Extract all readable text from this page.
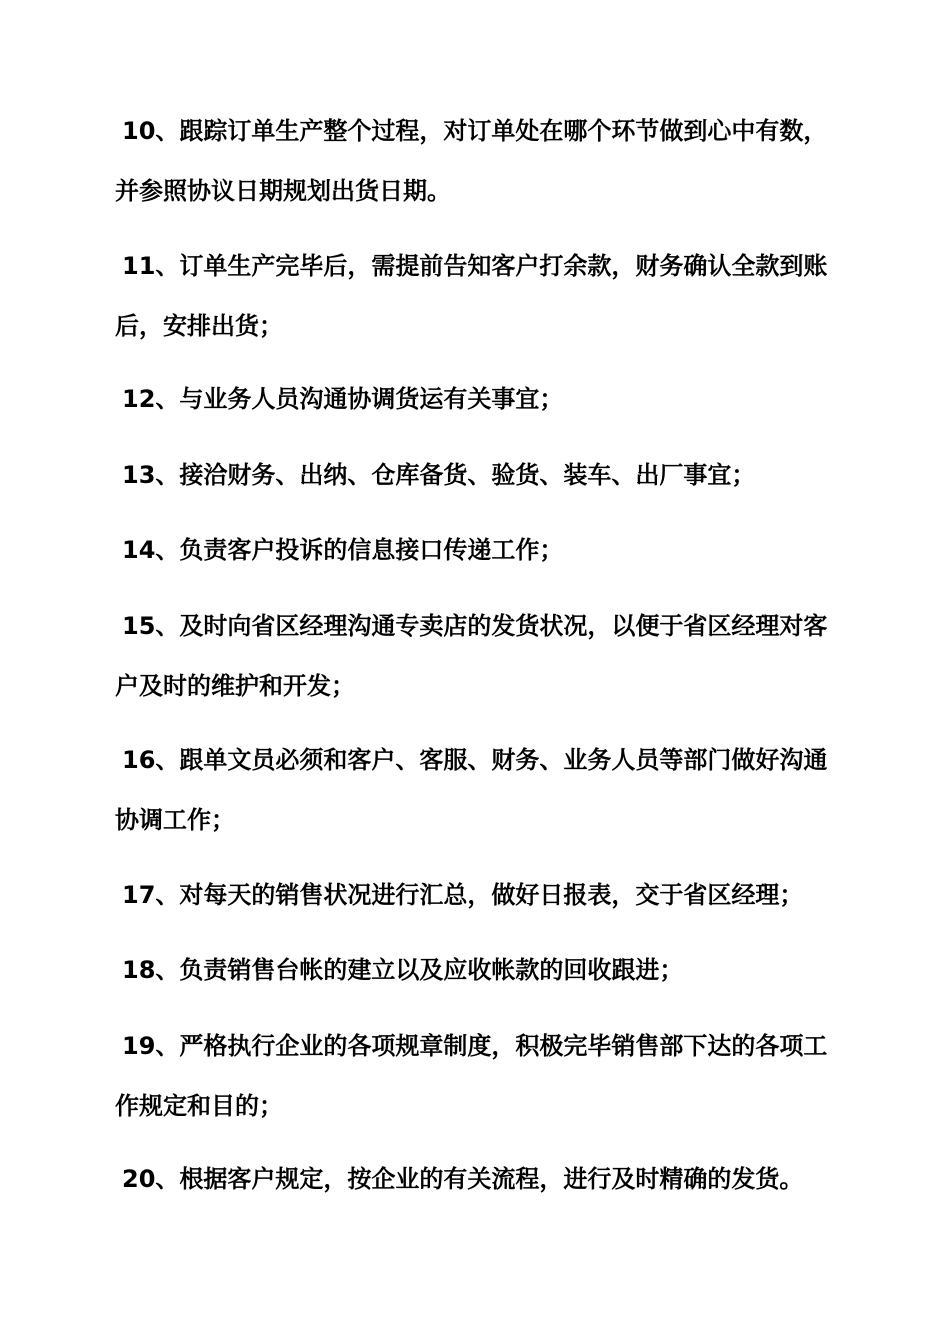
10、跟踪订单生产整个过程，对订单处在哪个环节做到心中有数，
并参照协议日期规划出货日期。
11、订单生产完毕后，需提前告知客户打余款，财务确认全款到账
后，安排出货；
12、与业务人员沟通协调货运有关事宜；
13、接洽财务、出纳、仓库备货、验货、装车、出厂事宜；
14、负责客户投诉的信息接口传递工作；
15、及时向省区经理沟通专卖店的发货状况，以便于省区经理对客
户及时的维护和开发；
16、跟单文员必须和客户、客服、财务、业务人员等部门做好沟通
协调工作；
17、对每天的销售状况进行汇总，做好日报表，交于省区经理；
18、负责销售台帐的建立以及应收帐款的回收跟进；
19、严格执行企业的各项规章制度，积极完毕销售部下达的各项工
作规定和目的；
20、根据客户规定，按企业的有关流程，进行及时精确的发货。
